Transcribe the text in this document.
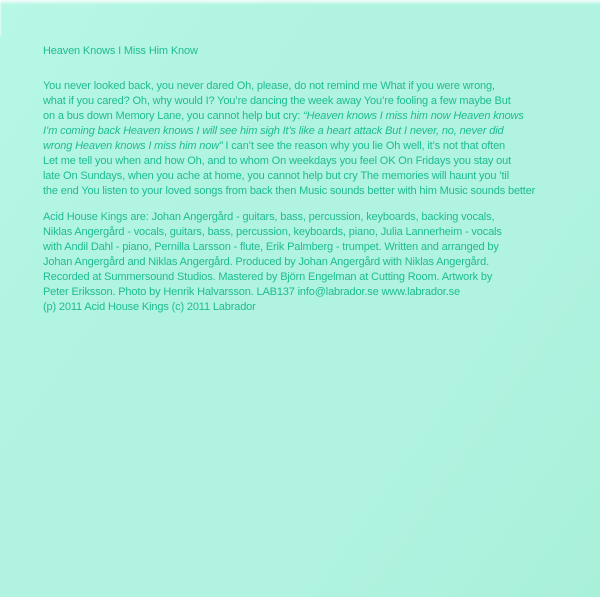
Heaven Knows I Miss Him Know
You never looked back, you never dared Oh, please, do not remind me What if you were wrong,
what if you cared? Oh, why would I? You’re dancing the week away You’re fooling a few maybe But
on a bus down Memory Lane, you cannot help but cry: “Heaven knows I miss him now Heaven knows
I’m coming back Heaven knows I will see him sigh It’s like a heart attack But I never, no, never did
wrong Heaven knows I miss him now” I can’t see the reason why you lie Oh well, it’s not that often
Let me tell you when and how Oh, and to whom On weekdays you feel OK On Fridays you stay out
late On Sundays, when you ache at home, you cannot help but cry The memories will haunt you ’til
the end You listen to your loved songs from back then Music sounds better with him Music sounds better
Acid House Kings are: Johan Angergård - guitars, bass, percussion, keyboards, backing vocals,
Niklas Angergård - vocals, guitars, bass, percussion, keyboards, piano, Julia Lannerheim - vocals
with Andil Dahl - piano, Pernilla Larsson - flute, Erik Palmberg - trumpet. Written and arranged by
Johan Angergård and Niklas Angergård. Produced by Johan Angergård with Niklas Angergård.
Recorded at Summersound Studios. Mastered by Björn Engelman at Cutting Room. Artwork by
Peter Eriksson. Photo by Henrik Halvarsson. LAB137 info@labrador.se www.labrador.se
(p) 2011 Acid House Kings (c) 2011 Labrador
